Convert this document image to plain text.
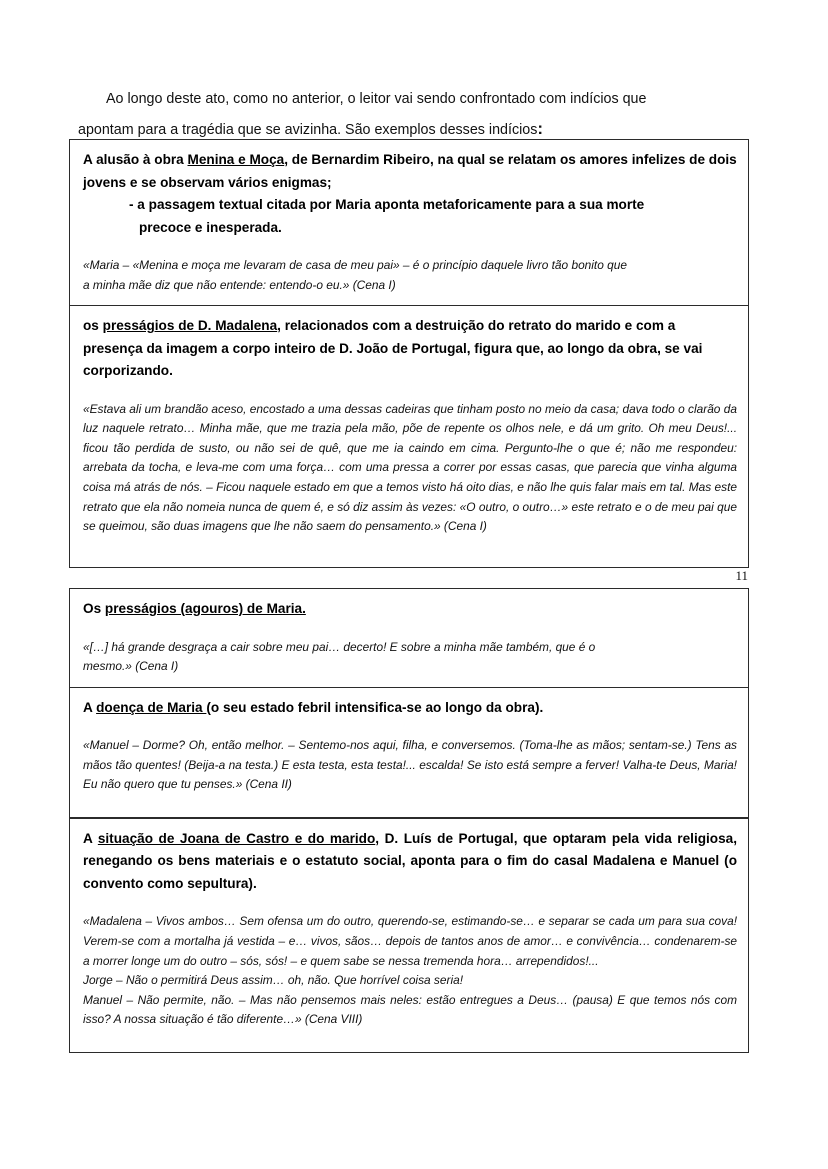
Ao longo deste ato, como no anterior, o leitor vai sendo confrontado com indícios que
apontam para a tragédia que se avizinha. São exemplos desses indícios:

A alusão à obra Menina e Moça, de Bernardim Ribeiro, na qual se relatam os amores infelizes de dois jovens e se observam vários enigmas;

- a passagem textual citada por Maria aponta metaforicamente para a sua morte
precoce e inesperada.

«Maria – «Menina e moça me levaram de casa de meu pai» – é o princípio daquele livro tão bonito que
a minha mãe diz que não entende: entendo-o eu.» (Cena I)

os presságios de D. Madalena, relacionados com a destruição do retrato do marido e com a presença da imagem a corpo inteiro de D. João de Portugal, figura que, ao longo da obra, se vai corporizando.

«Estava ali um brandão aceso, encostado a uma dessas cadeiras que tinham posto no meio da casa; dava todo o clarão da luz naquele retrato… Minha mãe, que me trazia pela mão, põe de repente os olhos nele, e dá um grito. Oh meu Deus!... ficou tão perdida de susto, ou não sei de quê, que me ia caindo em cima. Pergunto-lhe o que é; não me respondeu: arrebata da tocha, e leva-me com uma força… com uma pressa a correr por essas casas, que parecia que vinha alguma coisa má atrás de nós. – Ficou naquele estado em que a temos visto há oito dias, e não lhe quis falar mais em tal. Mas este retrato que ela não nomeia nunca de quem é, e só diz assim às vezes: «O outro, o outro…» este retrato e o de meu pai que se queimou, são duas imagens que lhe não saem do pensamento.» (Cena I)

11

Os presságios (agouros) de Maria.

«[…] há grande desgraça a cair sobre meu pai… decerto! E sobre a minha mãe também, que é o
mesmo.» (Cena I)

A doença de Maria (o seu estado febril intensifica-se ao longo da obra).

«Manuel – Dorme? Oh, então melhor. – Sentemo-nos aqui, filha, e conversemos. (Toma-lhe as mãos; sentam-se.) Tens as mãos tão quentes! (Beija-a na testa.) E esta testa, esta testa!... escalda! Se isto está sempre a ferver! Valha-te Deus, Maria! Eu não quero que tu penses.» (Cena II)

A situação de Joana de Castro e do marido, D. Luís de Portugal, que optaram pela vida religiosa, renegando os bens materiais e o estatuto social, aponta para o fim do casal Madalena e Manuel (o convento como sepultura).

«Madalena – Vivos ambos… Sem ofensa um do outro, querendo-se, estimando-se… e separar se cada um para sua cova! Verem-se com a mortalha já vestida – e… vivos, sãos… depois de tantos anos de amor… e convivência… condenarem-se a morrer longe um do outro – sós, sós! – e quem sabe se nessa tremenda hora… arrependidos!...

Jorge – Não o permitirá Deus assim… oh, não. Que horrível coisa seria!

Manuel – Não permite, não. – Mas não pensemos mais neles: estão entregues a Deus… (pausa) E que temos nós com isso? A nossa situação é tão diferente…» (Cena VIII)
